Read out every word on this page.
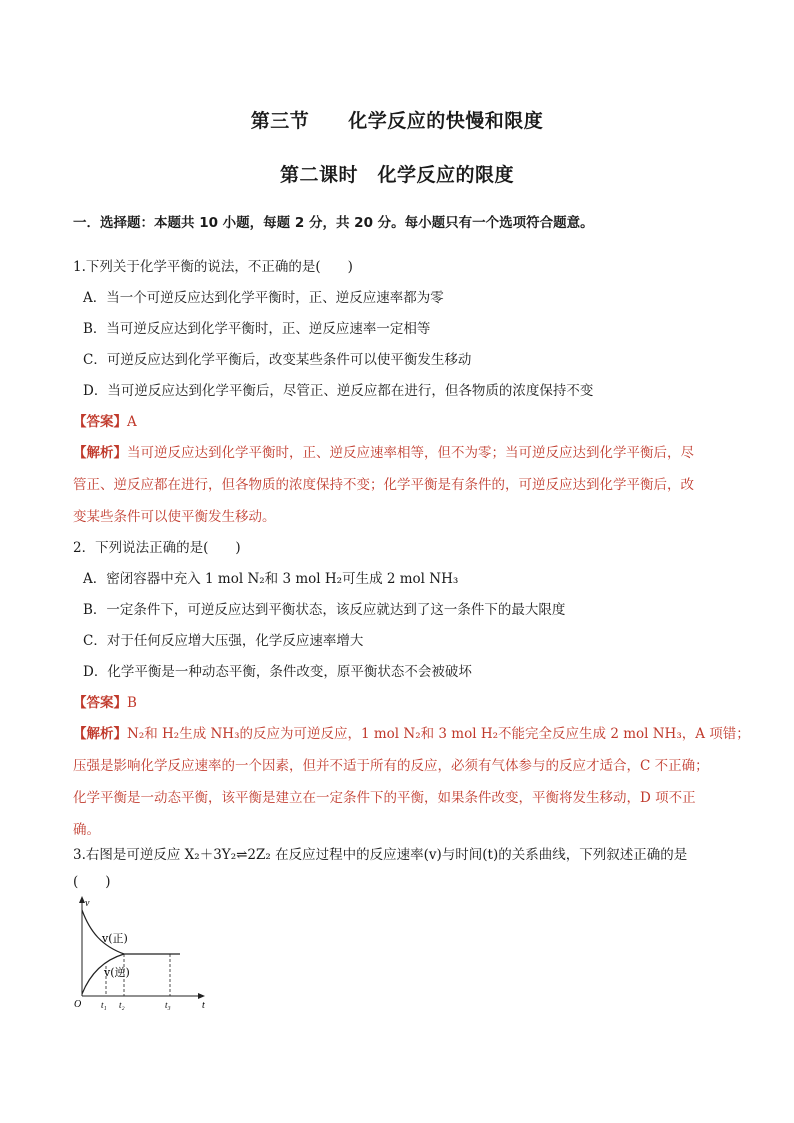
第三节　　化学反应的快慢和限度
第二课时　化学反应的限度
一．选择题：本题共 10 小题，每题 2 分，共 20 分。每小题只有一个选项符合题意。
1.下列关于化学平衡的说法，不正确的是(　　)
A．当一个可逆反应达到化学平衡时，正、逆反应速率都为零
B．当可逆反应达到化学平衡时，正、逆反应速率一定相等
C．可逆反应达到化学平衡后，改变某些条件可以使平衡发生移动
D．当可逆反应达到化学平衡后，尽管正、逆反应都在进行，但各物质的浓度保持不变
【答案】A
【解析】当可逆反应达到化学平衡时，正、逆反应速率相等，但不为零；当可逆反应达到化学平衡后，尽
管正、逆反应都在进行，但各物质的浓度保持不变；化学平衡是有条件的，可逆反应达到化学平衡后，改
变某些条件可以使平衡发生移动。
2．下列说法正确的是(　　)
A．密闭容器中充入 1 mol N₂和 3 mol H₂可生成 2 mol NH₃
B．一定条件下，可逆反应达到平衡状态，该反应就达到了这一条件下的最大限度
C．对于任何反应增大压强，化学反应速率增大
D．化学平衡是一种动态平衡，条件改变，原平衡状态不会被破坏
【答案】B
【解析】N₂和 H₂生成 NH₃的反应为可逆反应，1 mol N₂和 3 mol H₂不能完全反应生成 2 mol NH₃，A 项错；
压强是影响化学反应速率的一个因素，但并不适于所有的反应，必须有气体参与的反应才适合，C 不正确；
化学平衡是一动态平衡，该平衡是建立在一定条件下的平衡，如果条件改变，平衡将发生移动，D 项不正
确。
3.右图是可逆反应 X₂＋3Y₂⇌2Z₂ 在反应过程中的反应速率(v)与时间(t)的关系曲线，下列叙述正确的是
(　　)
v
t
O
v(正)
v(逆)
t₁ t₂	t₃
